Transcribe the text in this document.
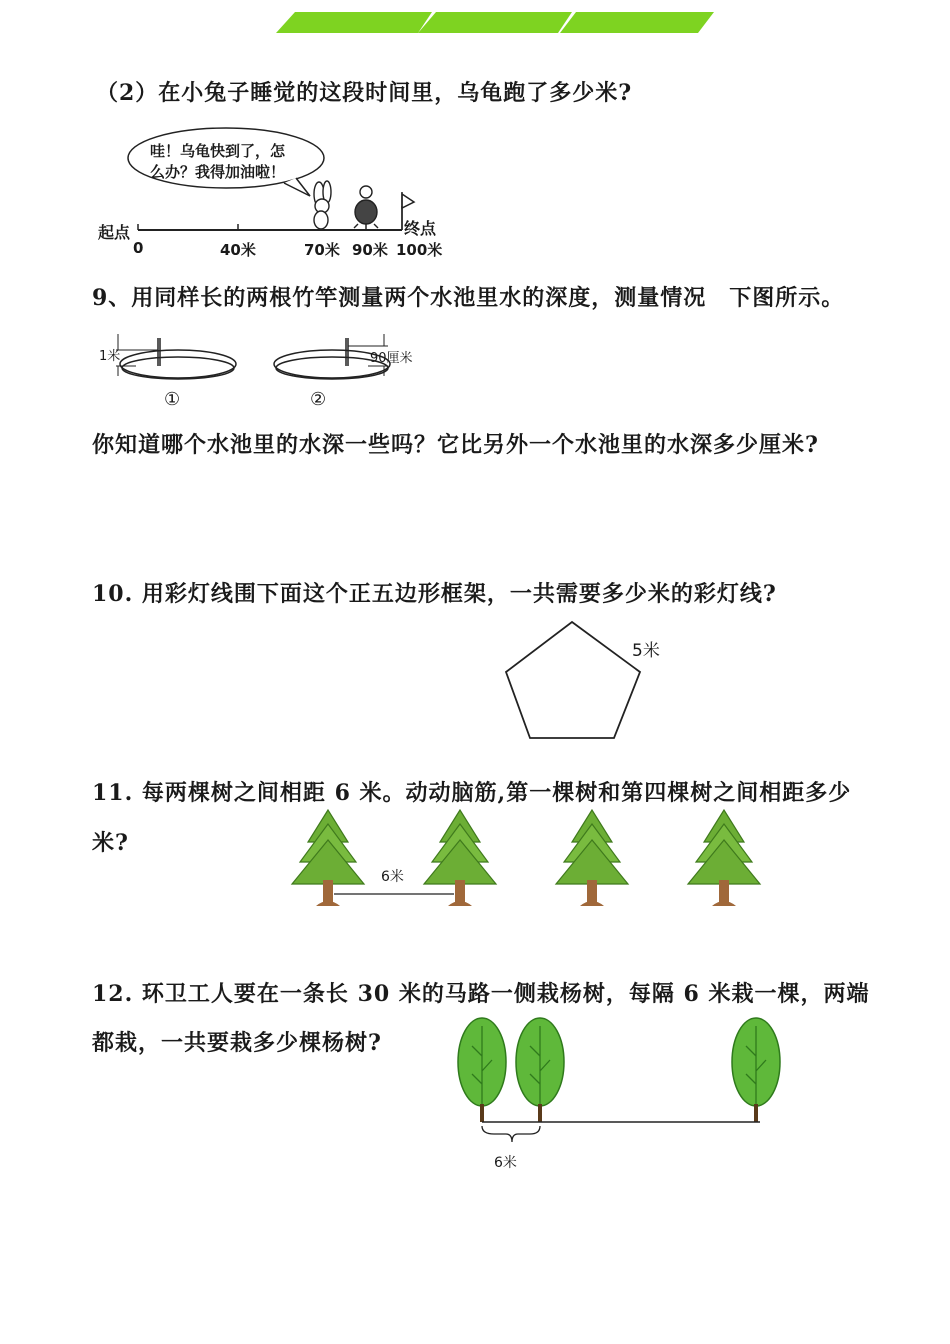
（2）在小兔子睡觉的这段时间里，乌龟跑了多少米?
哇！乌龟快到了，怎
么办？我得加油啦！
起点	终点
0	40米	70米 90米 100米
9、用同样长的两根竹竿测量两个水池里水的深度，测量情况　下图所示。
1米	90厘米
①	②
你知道哪个水池里的水深一些吗？它比另外一个水池里的水深多少厘米?
10. 用彩灯线围下面这个正五边形框架，一共需要多少米的彩灯线?
5米
11. 每两棵树之间相距 6 米。动动脑筋,第一棵树和第四棵树之间相距多少
米?
6米
12. 环卫工人要在一条长 30 米的马路一侧栽杨树，每隔 6 米栽一棵，两端
都栽，一共要栽多少棵杨树?
6米
